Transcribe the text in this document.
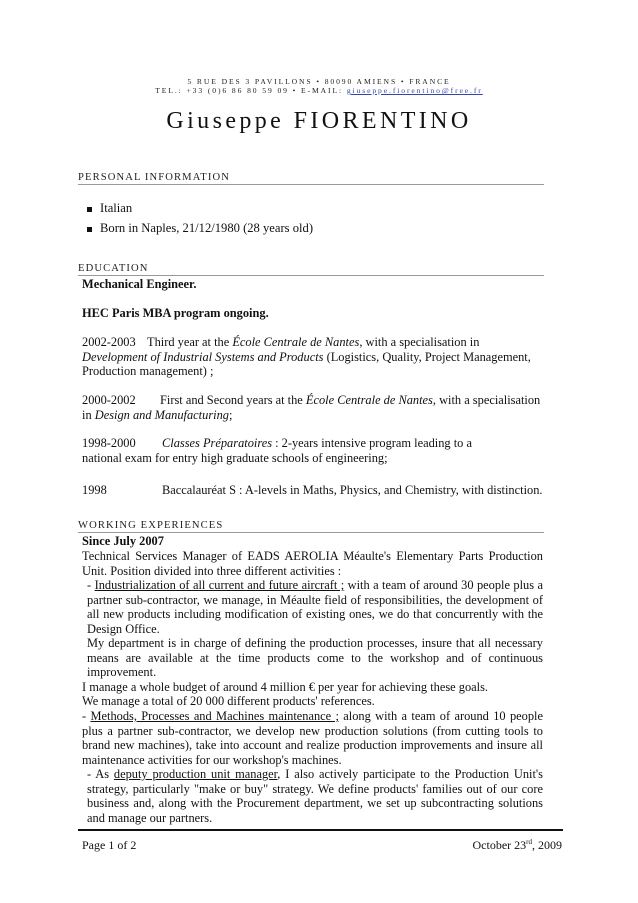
5 RUE DES 3 PAVILLONS • 80090 AMIENS • FRANCE
TEL.: +33 (0)6 86 80 59 09 • E-MAIL: giuseppe.fiorentino@free.fr
Giuseppe FIORENTINO
PERSONAL INFORMATION
Italian
Born in Naples, 21/12/1980 (28 years old)
EDUCATION
Mechanical Engineer.
HEC Paris MBA program ongoing.
2002-2003 Third year at the École Centrale de Nantes, with a specialisation in Development of Industrial Systems and Products (Logistics, Quality, Project Management, Production management) ;
2000-2002 First and Second years at the École Centrale de Nantes, with a specialisation in Design and Manufacturing;
1998-2000 Classes Préparatoires : 2-years intensive program leading to a national exam for entry high graduate schools of engineering;
1998	Baccalauréat S : A-levels in Maths, Physics, and Chemistry, with distinction.
WORKING EXPERIENCES
Since July 2007
Technical Services Manager of EADS AEROLIA Méaulte's Elementary Parts Production Unit. Position divided into three different activities :
- Industrialization of all current and future aircraft ; with a team of around 30 people plus a partner sub-contractor, we manage, in Méaulte field of responsibilities, the development of all new products including modification of existing ones, we do that concurrently with the Design Office.
My department is in charge of defining the production processes, insure that all necessary means are available at the time products come to the workshop and of continuous improvement.
I manage a whole budget of around 4 million € per year for achieving these goals.
We manage a total of 20 000 different products' references.
- Methods, Processes and Machines maintenance ; along with a team of around 10 people plus a partner sub-contractor, we develop new production solutions (from cutting tools to brand new machines), take into account and realize production improvements and insure all maintenance activities for our workshop's machines.
- As deputy production unit manager, I also actively participate to the Production Unit's strategy, particularly "make or buy" strategy. We define products' families out of our core business and, along with the Procurement department, we set up subcontracting solutions and manage our partners.
Page 1 of 2	October 23rd, 2009
